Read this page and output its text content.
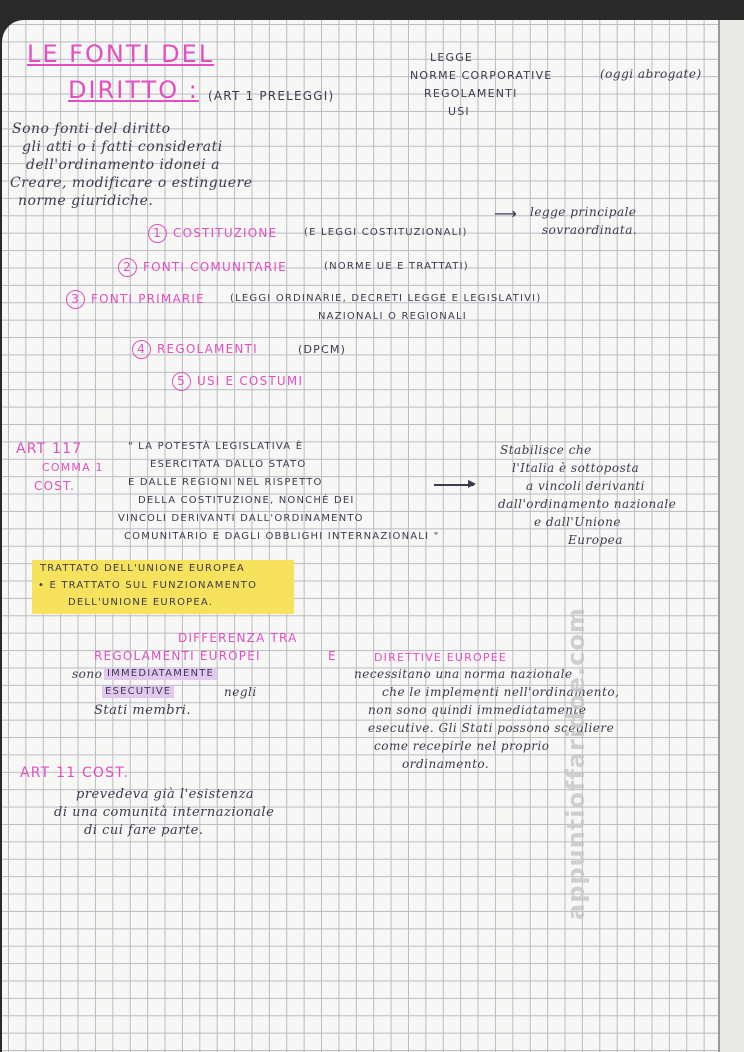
LE FONTI DEL
DIRITTO : (ART 1 PRELEGGI)
LEGGE
NORME CORPORATIVE	(oggi abrogate)
REGOLAMENTI
USI
Sono fonti del diritto
gli atti o i fatti considerati
dell'ordinamento idonei a
Creare, modificare o estinguere
norme giuridiche.
1 COSTITUZIONE	(E LEGGI COSTITUZIONALI)
⟶ legge principale
sovraordinata.
2 FONTI COMUNITARIE	(NORME UE E TRATTATI)
3 FONTI PRIMARIE	(LEGGI ORDINARIE, DECRETI LEGGE E LEGISLATIVI)
NAZIONALI O REGIONALI
4 REGOLAMENTI	(DPCM)
5 USI E COSTUMI
ART 117
COMMA 1
COST.
" LA POTESTÀ LEGISLATIVA È
ESERCITATA DALLO STATO
E DALLE REGIONI NEL RISPETTO
DELLA COSTITUZIONE, NONCHÉ DEI
VINCOLI DERIVANTI DALL'ORDINAMENTO
COMUNITARIO E DAGLI OBBLIGHI INTERNAZIONALI "
▸
Stabilisce che
l'Italia è sottoposta
a vincoli derivanti
dall'ordinamento nazionale
e dall'Unione
Europea
TRATTATO DELL'UNIONE EUROPEA
• E TRATTATO SUL FUNZIONAMENTO
DELL'UNIONE EUROPEA.
DIFFERENZA TRA
REGOLAMENTI EUROPEI	E	DIRETTIVE EUROPEE
sono IMMEDIATAMENTE
ESECUTIVE	negli
Stati membri.
necessitano una norma nazionale
che le implementi nell'ordinamento,
non sono quindi immediatamente
esecutive. Gli Stati possono scegliere
come recepirle nel proprio
ordinamento.
ART 11 COST.
prevedeva già l'esistenza
di una comunità internazionale
di cui fare parte.	appuntioffaridoe.com
